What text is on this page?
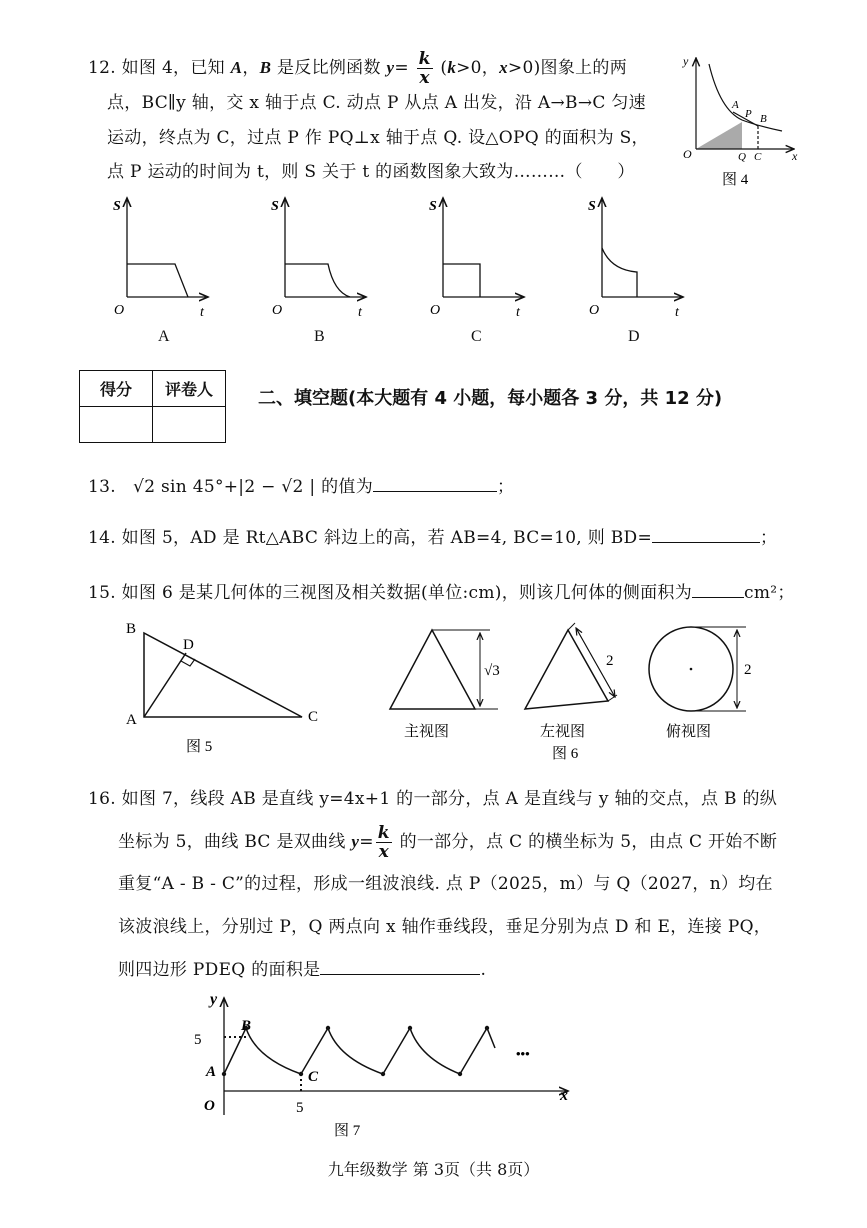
12. 如图 4，已知 A，B 是反比例函数 $y= \frac{k}{x} (k>0$，x>0)图象上的两
点，BC∥y 轴，交 x 轴于点 C. 动点 P 从点 A 出发，沿 A→B→C 匀速
运动，终点为 C，过点 P 作 PQ⊥x 轴于点 Q. 设△OPQ 的面积为 S，
点 P 运动的时间为 t，则 S 关于 t 的函数图象大致为………（　　）
y
x
O
A
P B
Q C
图 4
S
O	t
A
S
O	t
B
S
O	t
C
S
O	t
D
得分	评卷人
		二、填空题(本大题有 4 小题，每小题各 3 分，共 12 分)
13. √2 sin 45°+|2 − √2 | 的值为	；
14. 如图 5，AD 是 Rt△ABC 斜边上的高，若 AB=4, BC=10, 则 BD=	；
15. 如图 6 是某几何体的三视图及相关数据(单位:cm)，则该几何体的侧面积为	cm²；
B
D
A	C
图 5
√3
主视图
2
左视图
图 6
2
俯视图
16. 如图 7，线段 AB 是直线 y=4x+1 的一部分，点 A 是直线与 y 轴的交点，点 B 的纵
坐标为 5，曲线 BC 是双曲线 $y= \frac{k}{x}$ 的一部分，点 C 的横坐标为 5，由点 C 开始不断
重复“A - B - C”的过程，形成一组波浪线. 点 P（2025，m）与 Q（2027，n）均在
该波浪线上，分别过 P，Q 两点向 x 轴作垂线段，垂足分别为点 D 和 E，连接 PQ，
则四边形 PDEQ 的面积是	.
y
x
O
A
B
C
5
5
•••
图 7
九年级数学 第 3页（共 8页）
